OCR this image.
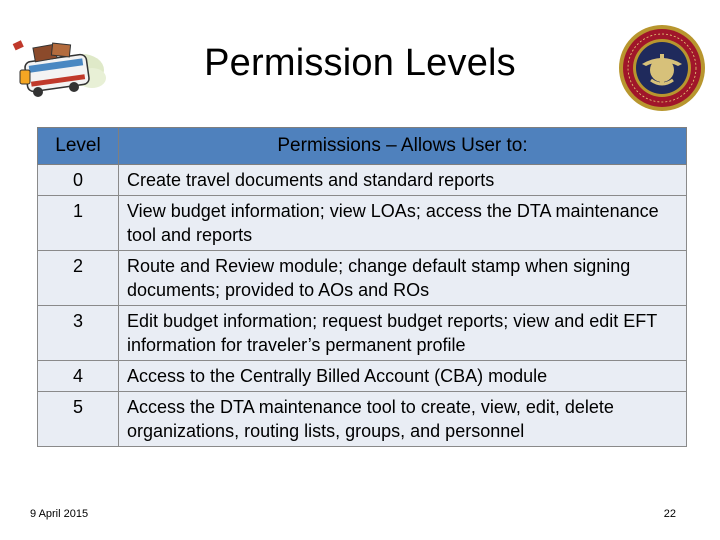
Permission Levels
Level	Permissions – Allows User to:
0	Create travel documents and standard reports
1	View budget information; view LOAs; access the DTA maintenance tool and reports
2	Route and Review module; change default stamp when signing documents; provided to AOs and ROs
3	Edit budget information; request budget reports; view and edit EFT information for traveler’s permanent profile
4	Access to the Centrally Billed Account (CBA) module
5	Access the DTA maintenance tool to create, view, edit, delete organizations, routing lists, groups, and personnel
9 April 2015	22
